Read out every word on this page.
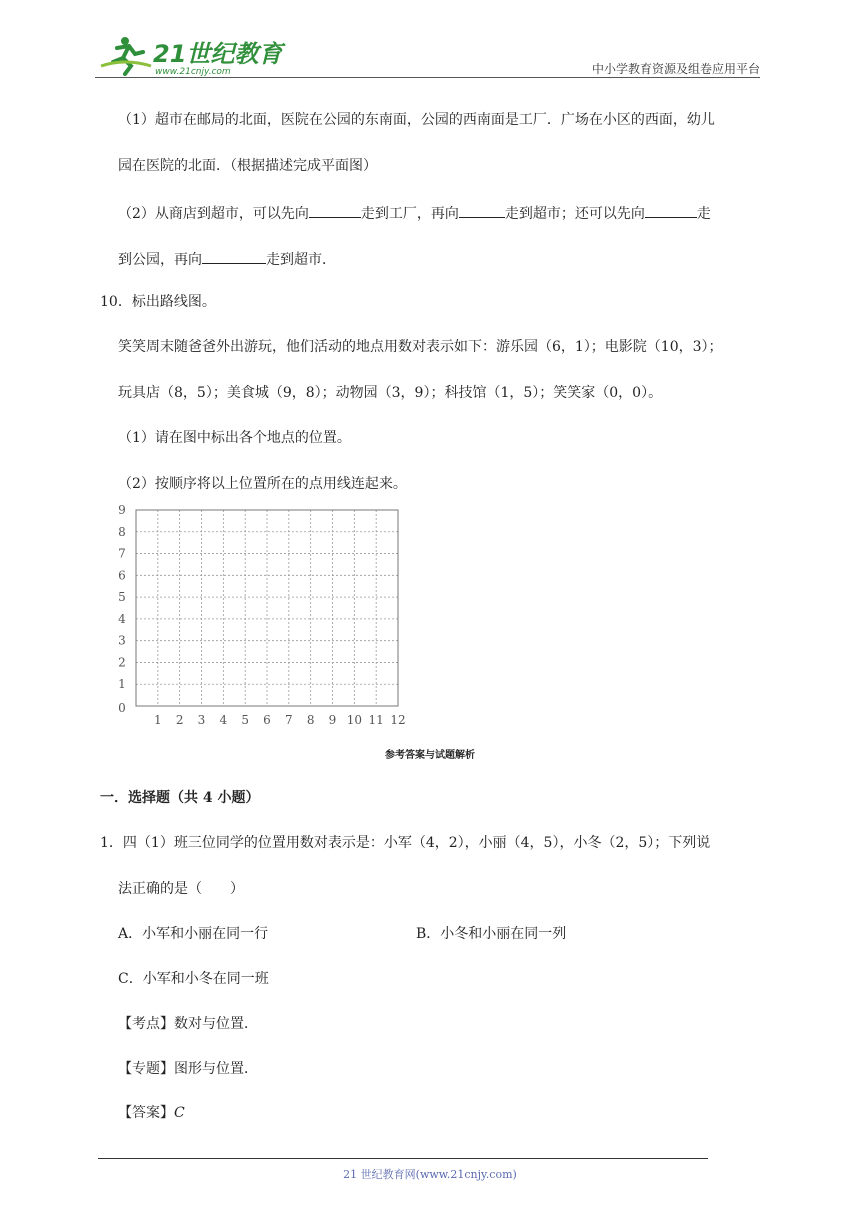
21世纪教育
www.21cnjy.com	中小学教育资源及组卷应用平台
（1）超市在邮局的北面，医院在公园的东南面，公园的西南面是工厂．广场在小区的西面，幼儿
园在医院的北面．（根据描述完成平面图）
（2）从商店到超市，可以先向	走到工厂，再向	走到超市；还可以先向	走
到公园，再向	走到超市．
10．标出路线图。
笑笑周末随爸爸外出游玩，他们活动的地点用数对表示如下：游乐园（6，1）；电影院（10，3）；
玩具店（8，5）；美食城（9，8）；动物园（3，9）；科技馆（1，5）；笑笑家（0，0）。
（1）请在图中标出各个地点的位置。
（2）按顺序将以上位置所在的点用线连起来。
0
1 2 3 4 5 6 7 8 9 10 11 12
1
2
3
4
5
6
7
8
9
参考答案与试题解析
一．选择题（共 4 小题）
1．四（1）班三位同学的位置用数对表示是：小军（4，2），小丽（4，5），小冬（2，5）；下列说
法正确的是（　　）
A．小军和小丽在同一行	B．小冬和小丽在同一列
C．小军和小冬在同一班
【考点】数对与位置．
【专题】图形与位置．
【答案】C
21 世纪教育网(www.21cnjy.com)
